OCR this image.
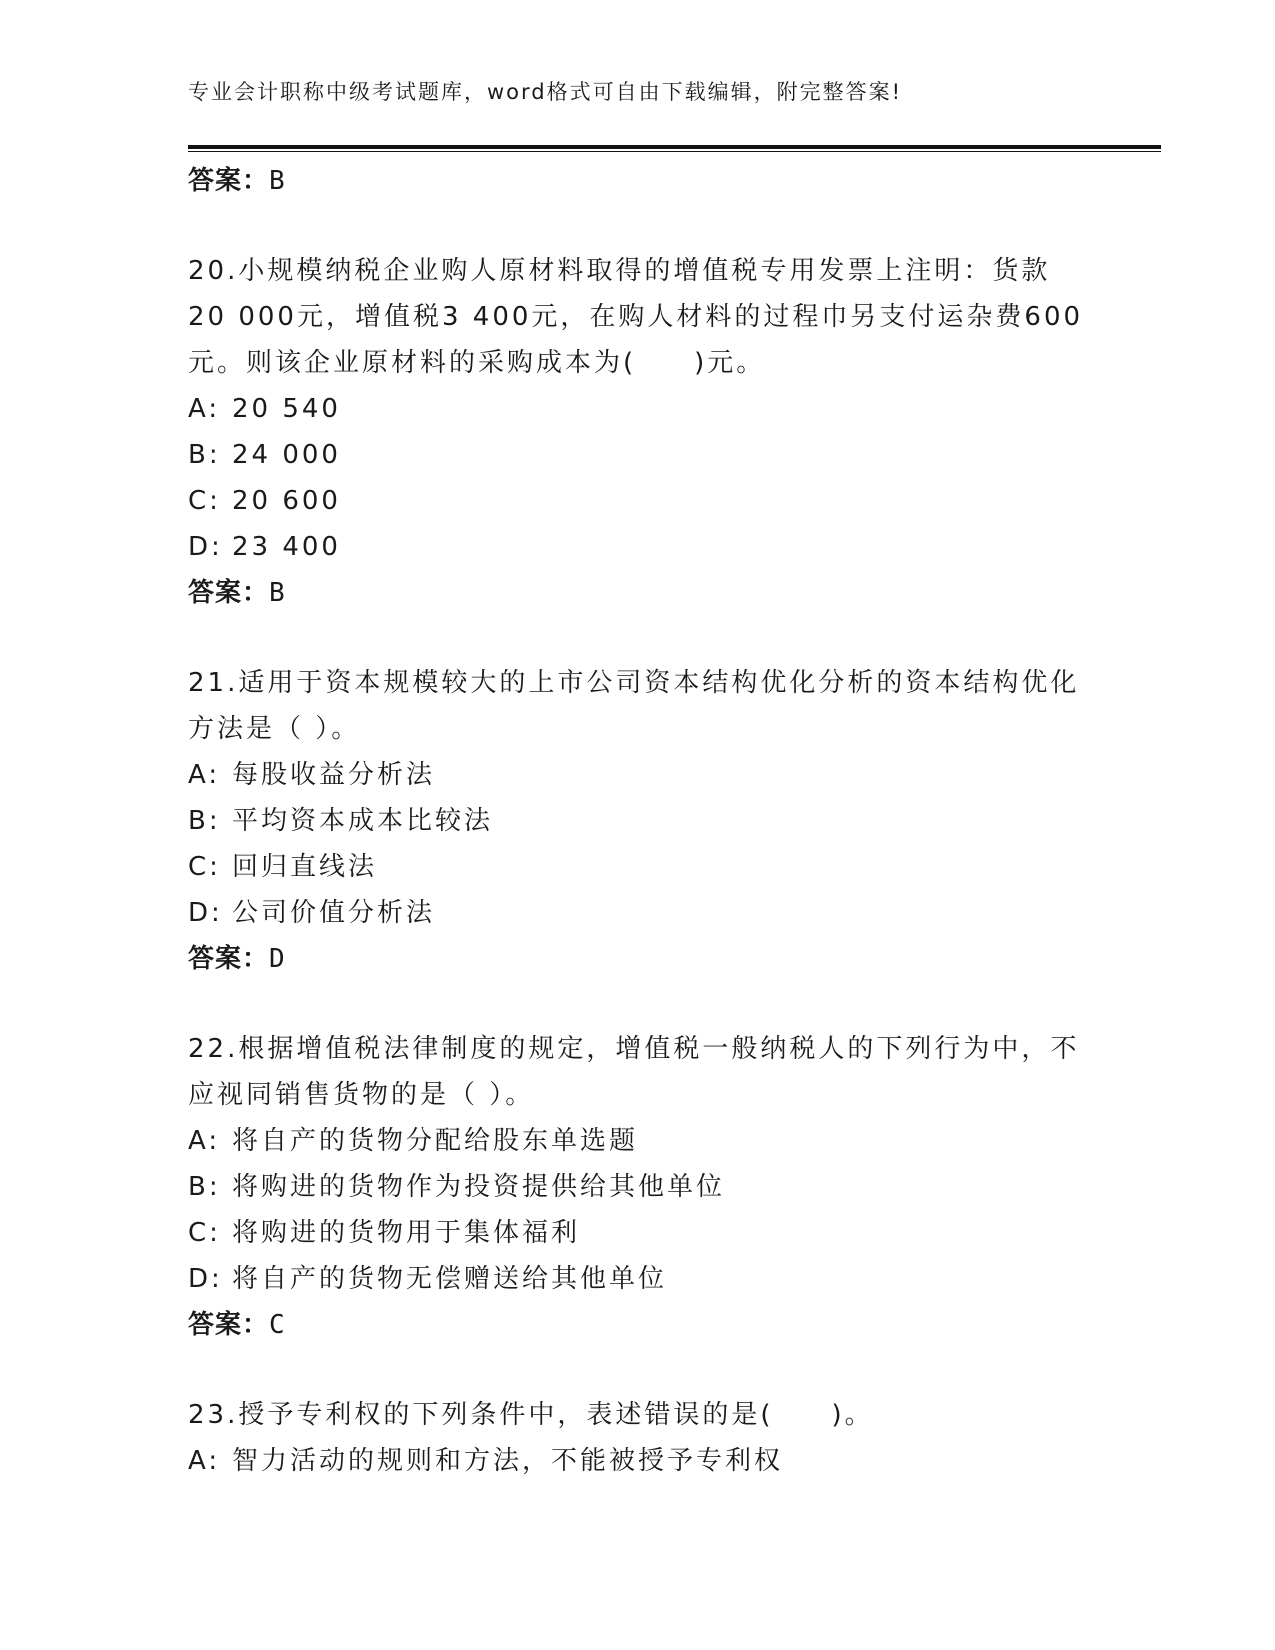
专业会计职称中级考试题库，word格式可自由下载编辑，附完整答案!
答案：B
20.小规模纳税企业购人原材料取得的增值税专用发票上注明：货款20 000元，增值税3 400元，在购人材料的过程巾另支付运杂费600元。则该企业原材料的采购成本为(　　)元。
A: 20 540
B: 24 000
C: 20 600
D: 23 400
答案：B
21.适用于资本规模较大的上市公司资本结构优化分析的资本结构优化方法是（ ）。
A: 每股收益分析法
B: 平均资本成本比较法
C: 回归直线法
D: 公司价值分析法
答案：D
22.根据增值税法律制度的规定，增值税一般纳税人的下列行为中，不应视同销售货物的是（ ）。
A: 将自产的货物分配给股东单选题
B: 将购进的货物作为投资提供给其他单位
C: 将购进的货物用于集体福利
D: 将自产的货物无偿赠送给其他单位
答案：C
23.授予专利权的下列条件中，表述错误的是(　　)。
A: 智力活动的规则和方法，不能被授予专利权
